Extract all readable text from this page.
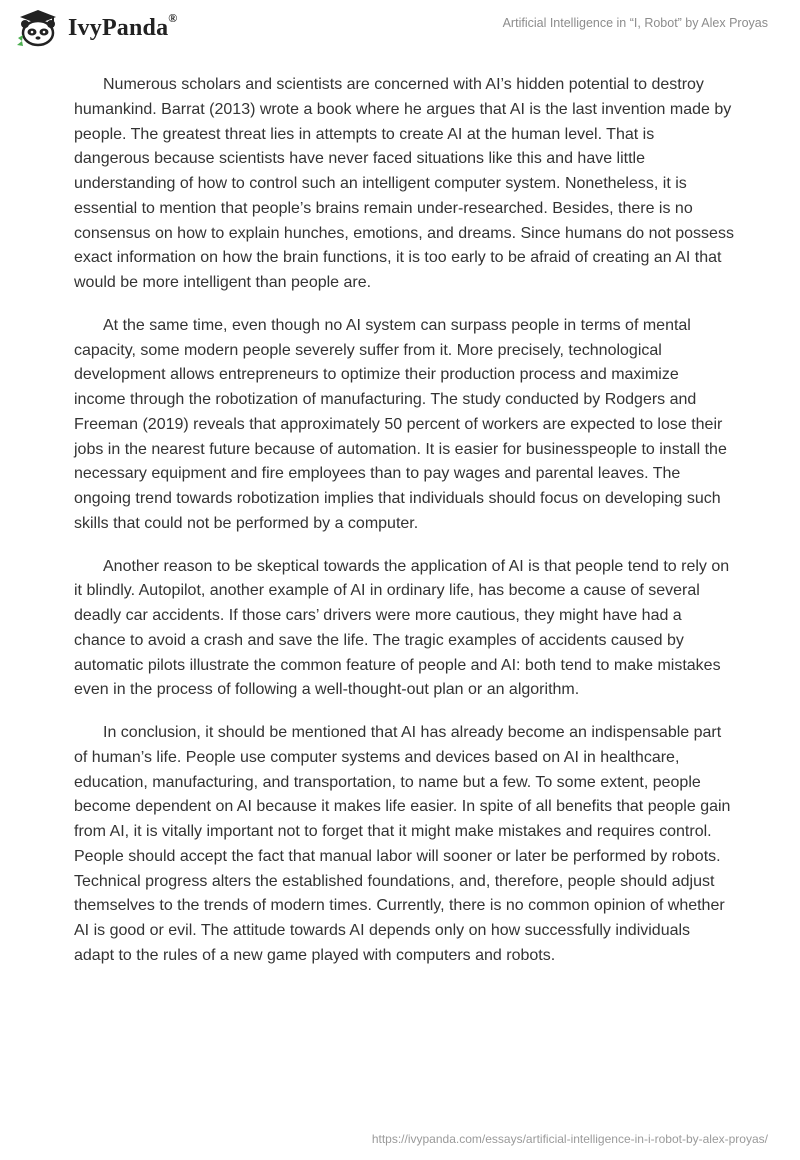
IvyPanda®	Artificial Intelligence in “I, Robot” by Alex Proyas

Numerous scholars and scientists are concerned with AI’s hidden potential to destroy humankind. Barrat (2013) wrote a book where he argues that AI is the last invention made by people. The greatest threat lies in attempts to create AI at the human level. That is dangerous because scientists have never faced situations like this and have little understanding of how to control such an intelligent computer system. Nonetheless, it is essential to mention that people’s brains remain under-researched. Besides, there is no consensus on how to explain hunches, emotions, and dreams. Since humans do not possess exact information on how the brain functions, it is too early to be afraid of creating an AI that would be more intelligent than people are.

At the same time, even though no AI system can surpass people in terms of mental capacity, some modern people severely suffer from it. More precisely, technological development allows entrepreneurs to optimize their production process and maximize income through the robotization of manufacturing. The study conducted by Rodgers and Freeman (2019) reveals that approximately 50 percent of workers are expected to lose their jobs in the nearest future because of automation. It is easier for businesspeople to install the necessary equipment and fire employees than to pay wages and parental leaves. The ongoing trend towards robotization implies that individuals should focus on developing such skills that could not be performed by a computer.

Another reason to be skeptical towards the application of AI is that people tend to rely on it blindly. Autopilot, another example of AI in ordinary life, has become a cause of several deadly car accidents. If those cars’ drivers were more cautious, they might have had a chance to avoid a crash and save the life. The tragic examples of accidents caused by automatic pilots illustrate the common feature of people and AI: both tend to make mistakes even in the process of following a well-thought-out plan or an algorithm.

In conclusion, it should be mentioned that AI has already become an indispensable part of human’s life. People use computer systems and devices based on AI in healthcare, education, manufacturing, and transportation, to name but a few. To some extent, people become dependent on AI because it makes life easier. In spite of all benefits that people gain from AI, it is vitally important not to forget that it might make mistakes and requires control. People should accept the fact that manual labor will sooner or later be performed by robots. Technical progress alters the established foundations, and, therefore, people should adjust themselves to the trends of modern times. Currently, there is no common opinion of whether AI is good or evil. The attitude towards AI depends only on how successfully individuals adapt to the rules of a new game played with computers and robots.

https://ivypanda.com/essays/artificial-intelligence-in-i-robot-by-alex-proyas/
